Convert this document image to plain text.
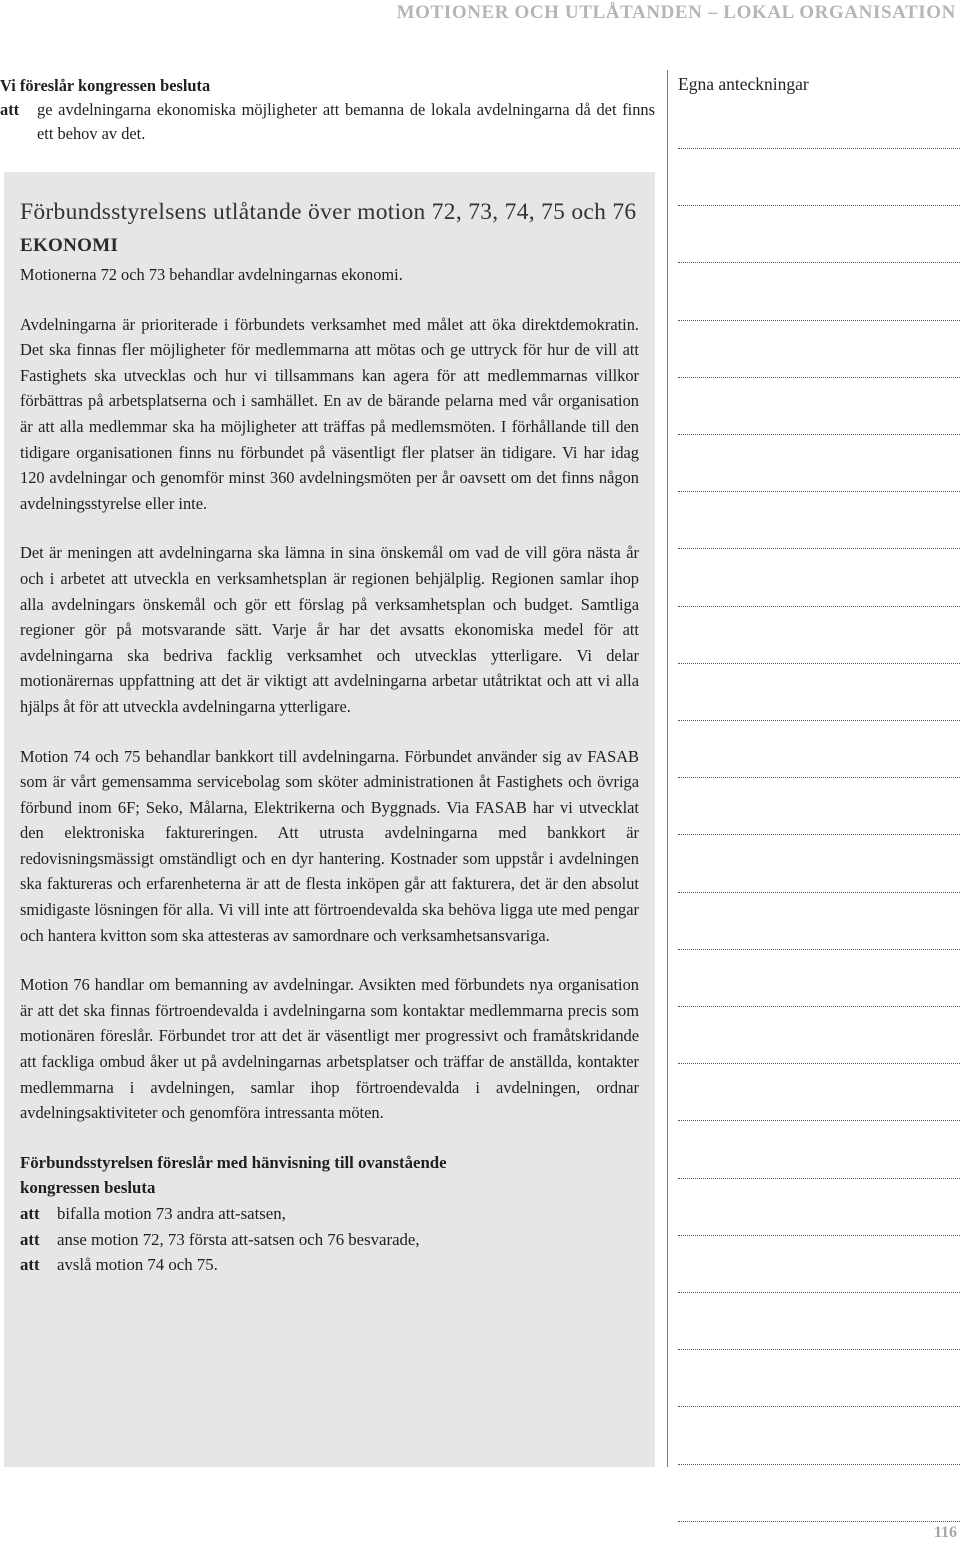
MOTIONER OCH UTLÅTANDEN – LOKAL ORGANISATION
Vi föreslår kongressen besluta
att	ge avdelningarna ekonomiska möjligheter att bemanna de lokala avdelningarna då det finns ett behov av det.
Egna anteckningar
Förbundsstyrelsens utlåtande över motion 72, 73, 74, 75 och 76
EKONOMI

Motionerna 72 och 73 behandlar avdelningarnas ekonomi.

Avdelningarna är prioriterade i förbundets verksamhet med målet att öka direktdemokratin. Det ska finnas fler möjligheter för medlemmarna att mötas och ge uttryck för hur de vill att Fastighets ska utvecklas och hur vi tillsammans kan agera för att medlemmarnas villkor förbättras på arbetsplatserna och i samhället. En av de bärande pelarna med vår organisation är att alla medlemmar ska ha möjligheter att träffas på medlemsmöten. I förhållande till den tidigare organisationen finns nu förbundet på väsentligt fler platser än tidigare. Vi har idag 120 avdelningar och genomför minst 360 avdelningsmöten per år oavsett om det finns någon avdelningsstyrelse eller inte.

Det är meningen att avdelningarna ska lämna in sina önskemål om vad de vill göra nästa år och i arbetet att utveckla en verksamhetsplan är regionen behjälplig. Regionen samlar ihop alla avdelningars önskemål och gör ett förslag på verksamhetsplan och budget. Samtliga regioner gör på motsvarande sätt. Varje år har det avsatts ekonomiska medel för att avdelningarna ska bedriva facklig verksamhet och utvecklas ytterligare. Vi delar motionärernas uppfattning att det är viktigt att avdelningarna arbetar utåtriktat och att vi alla hjälps åt för att utveckla avdelningarna ytterligare.

Motion 74 och 75 behandlar bankkort till avdelningarna. Förbundet använder sig av FASAB som är vårt gemensamma servicebolag som sköter administrationen åt Fastighets och övriga förbund inom 6F; Seko, Målarna, Elektrikerna och Byggnads. Via FASAB har vi utvecklat den elektroniska faktureringen. Att utrusta avdelningarna med bankkort är redovisningsmässigt omständligt och en dyr hantering. Kostnader som uppstår i avdelningen ska faktureras och erfarenheterna är att de flesta inköpen går att fakturera, det är den absolut smidigaste lösningen för alla. Vi vill inte att förtroendevalda ska behöva ligga ute med pengar och hantera kvitton som ska attesteras av samordnare och verksamhetsansvariga.

Motion 76 handlar om bemanning av avdelningar. Avsikten med förbundets nya organisation är att det ska finnas förtroendevalda i avdelningarna som kontaktar medlemmarna precis som motionären föreslår. Förbundet tror att det är väsentligt mer progressivt och framåtskridande att fackliga ombud åker ut på avdelningarnas arbetsplatser och träffar de anställda, kontakter medlemmarna i avdelningen, samlar ihop förtroendevalda i avdelningen, ordnar avdelningsaktiviteter och genomföra intressanta möten.

Förbundsstyrelsen föreslår med hänvisning till ovanstående
kongressen besluta
att	bifalla motion 73 andra att-satsen,
att	anse motion 72, 73 första att-satsen och 76 besvarade,
att	avslå motion 74 och 75.
116
